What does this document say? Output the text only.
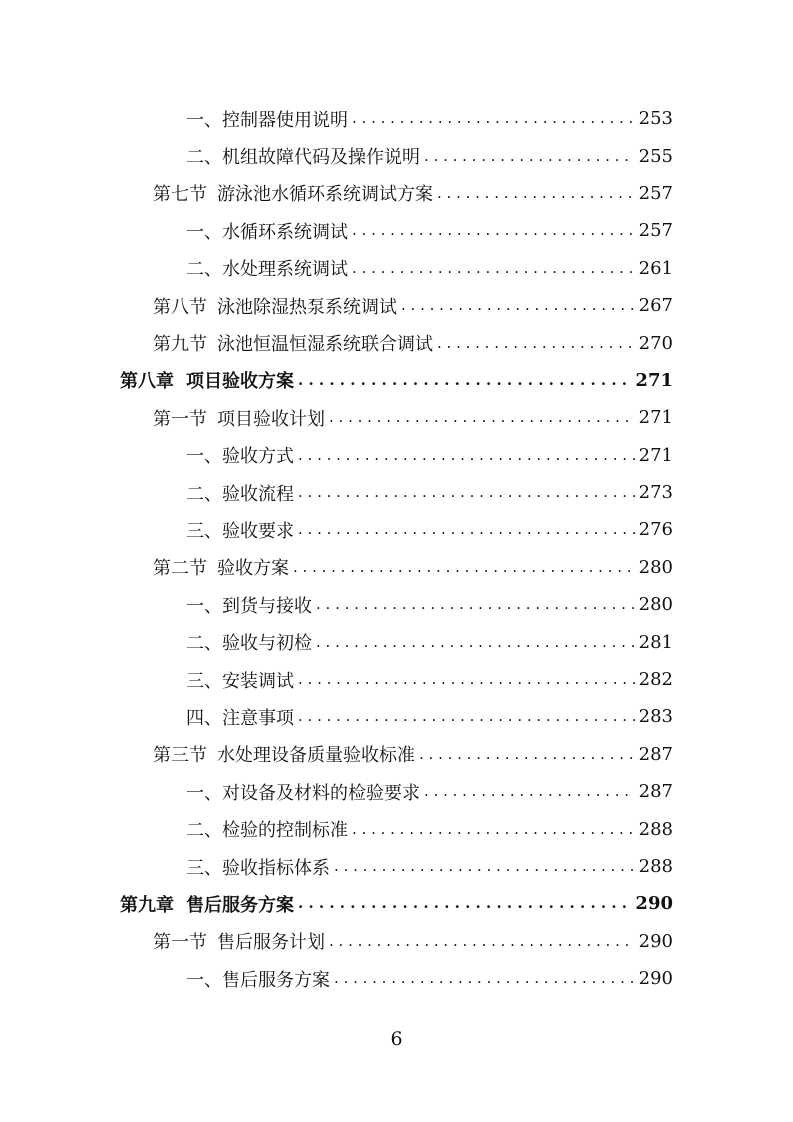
一、控制器使用说明 . . .	253
二、机组故障代码及操作说明 . . .	255
第七节 游泳池水循环系统调试方案 . . .	257
一、水循环系统调试 . . .	257
二、水处理系统调试 . . .	261
第八节 泳池除湿热泵系统调试 . . .	267
第九节 泳池恒温恒湿系统联合调试 . . .	270
第八章 项目验收方案 . . .	271
第一节 项目验收计划 . . .	271
一、验收方式 . . .	271
二、验收流程 . . .	273
三、验收要求 . . .	276
第二节 验收方案 . . .	280
一、到货与接收 . . .	280
二、验收与初检 . . .	281
三、安装调试 . . .	282
四、注意事项 . . .	283
第三节 水处理设备质量验收标准 . . .	287
一、对设备及材料的检验要求 . . .	287
二、检验的控制标准 . . .	288
三、验收指标体系 . . .	288
第九章 售后服务方案 . . .	290
第一节 售后服务计划 . . .	290
一、售后服务方案 . . .	290
6
